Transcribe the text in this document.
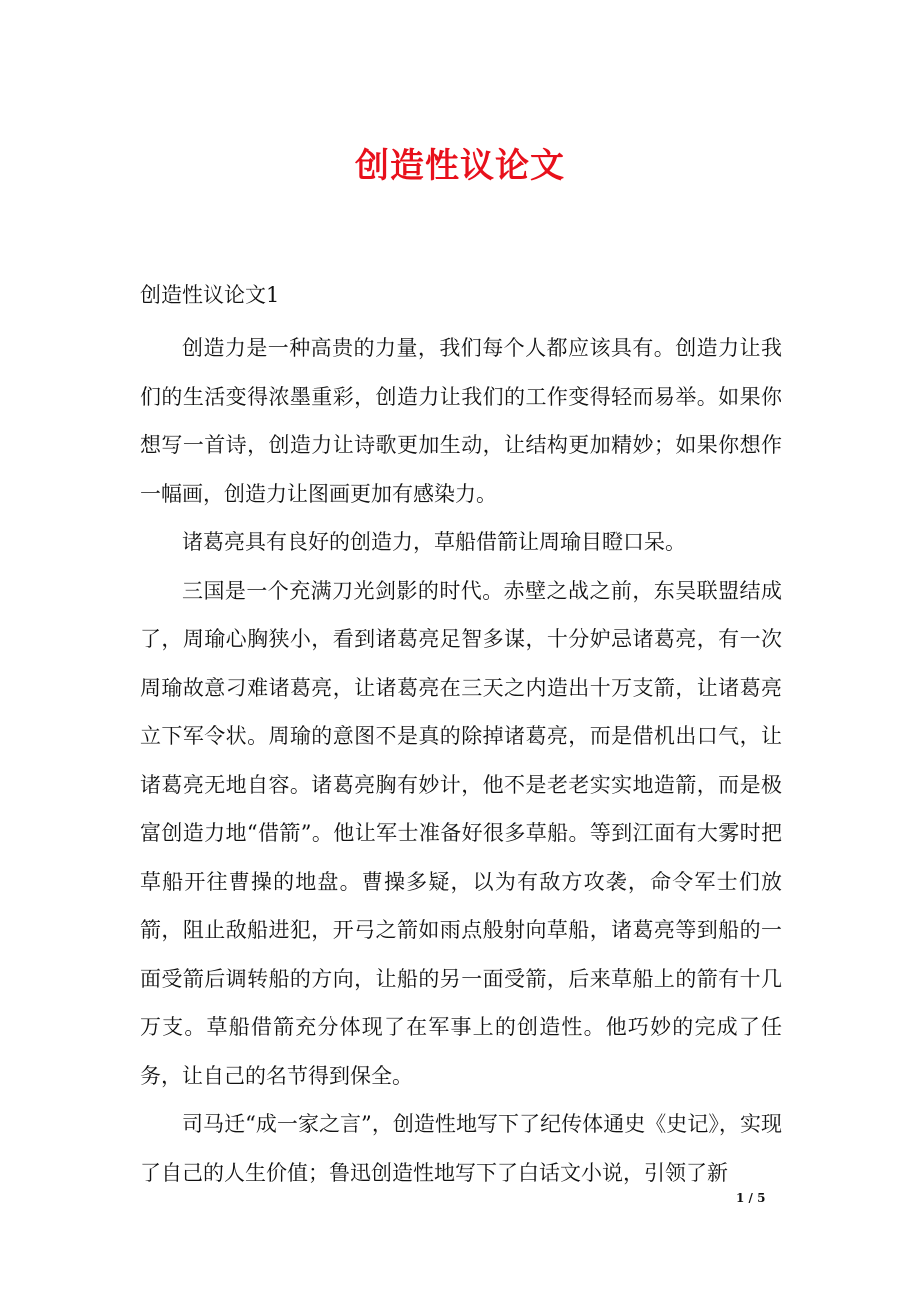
创造性议论文
创造性议论文1

创造力是一种高贵的力量，我们每个人都应该具有。创造力让我们的生活变得浓墨重彩，创造力让我们的工作变得轻而易举。如果你想写一首诗，创造力让诗歌更加生动，让结构更加精妙；如果你想作一幅画，创造力让图画更加有感染力。

诸葛亮具有良好的创造力，草船借箭让周瑜目瞪口呆。

三国是一个充满刀光剑影的时代。赤壁之战之前，东吴联盟结成了，周瑜心胸狭小，看到诸葛亮足智多谋，十分妒忌诸葛亮，有一次周瑜故意刁难诸葛亮，让诸葛亮在三天之内造出十万支箭，让诸葛亮立下军令状。周瑜的意图不是真的除掉诸葛亮，而是借机出口气，让诸葛亮无地自容。诸葛亮胸有妙计，他不是老老实实地造箭，而是极富创造力地“借箭”。他让军士准备好很多草船。等到江面有大雾时把草船开往曹操的地盘。曹操多疑，以为有敌方攻袭，命令军士们放箭，阻止敌船进犯，开弓之箭如雨点般射向草船，诸葛亮等到船的一面受箭后调转船的方向，让船的另一面受箭，后来草船上的箭有十几万支。草船借箭充分体现了在军事上的创造性。他巧妙的完成了任务，让自己的名节得到保全。

司马迁“成一家之言”，创造性地写下了纪传体通史《史记》，实现了自己的人生价值；鲁迅创造性地写下了白话文小说，引领了新

1 / 5
